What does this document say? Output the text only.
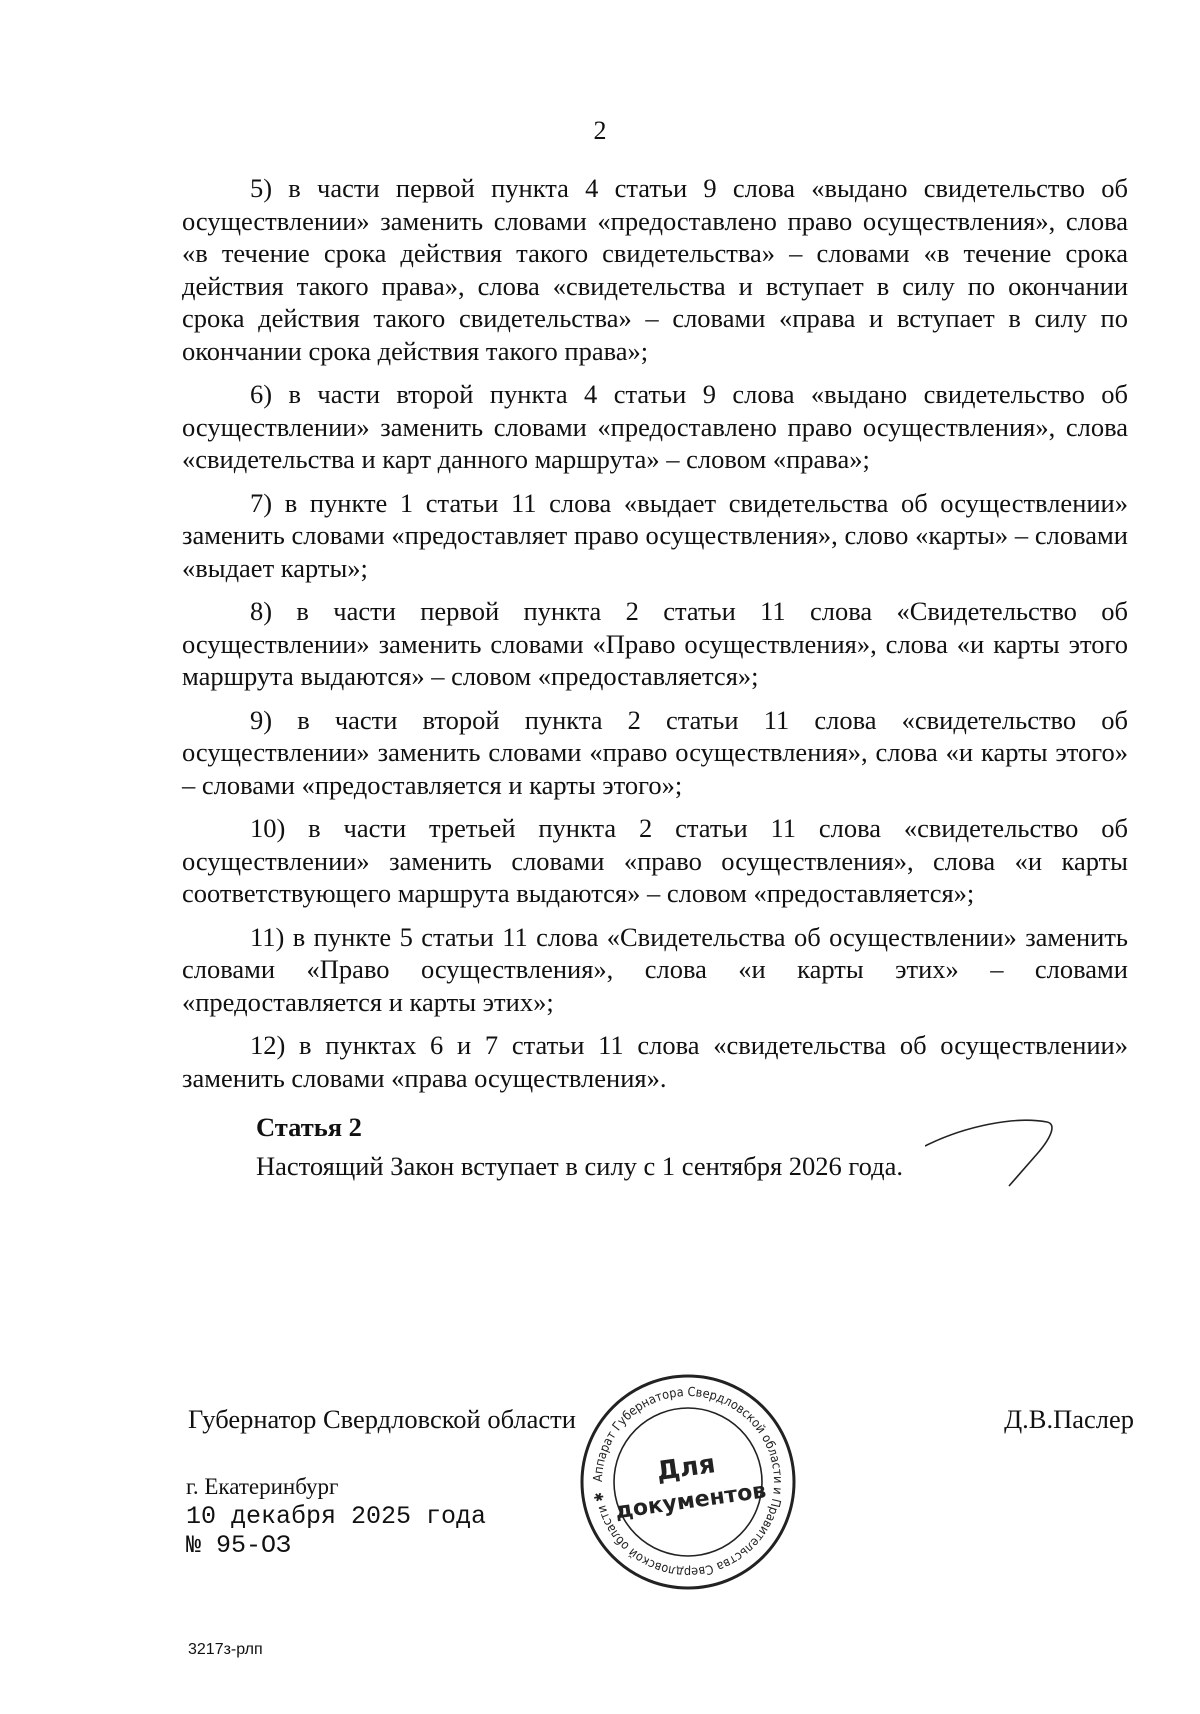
2

5) в части первой пункта 4 статьи 9 слова «выдано свидетельство об осуществлении» заменить словами «предоставлено право осуществления», слова «в течение срока действия такого свидетельства» – словами «в течение срока действия такого права», слова «свидетельства и вступает в силу по окончании срока действия такого свидетельства» – словами «права и вступает в силу по окончании срока действия такого права»;

6) в части второй пункта 4 статьи 9 слова «выдано свидетельство об осуществлении» заменить словами «предоставлено право осуществления», слова «свидетельства и карт данного маршрута» – словом «права»;

7) в пункте 1 статьи 11 слова «выдает свидетельства об осуществлении» заменить словами «предоставляет право осуществления», слово «карты» – словами «выдает карты»;

8) в части первой пункта 2 статьи 11 слова «Свидетельство об осуществлении» заменить словами «Право осуществления», слова «и карты этого маршрута выдаются» – словом «предоставляется»;

9) в части второй пункта 2 статьи 11 слова «свидетельство об осуществлении» заменить словами «право осуществления», слова «и карты этого» – словами «предоставляется и карты этого»;

10) в части третьей пункта 2 статьи 11 слова «свидетельство об осуществлении» заменить словами «право осуществления», слова «и карты соответствующего маршрута выдаются» – словом «предоставляется»;

11) в пункте 5 статьи 11 слова «Свидетельства об осуществлении» заменить словами «Право осуществления», слова «и карты этих» – словами «предоставляется и карты этих»;

12) в пунктах 6 и 7 статьи 11 слова «свидетельства об осуществлении» заменить словами «права осуществления».

Статья 2
Настоящий Закон вступает в силу с 1 сентября 2026 года.
Губернатор Свердловской области	Д.В.Паслер
г. Екатеринбург
10 декабря 2025 года
№ 95-ОЗ
Аппарат Губернатора Свердловской области и Правительства Свердловской области ✱
Для
документов
3217з-рлп
